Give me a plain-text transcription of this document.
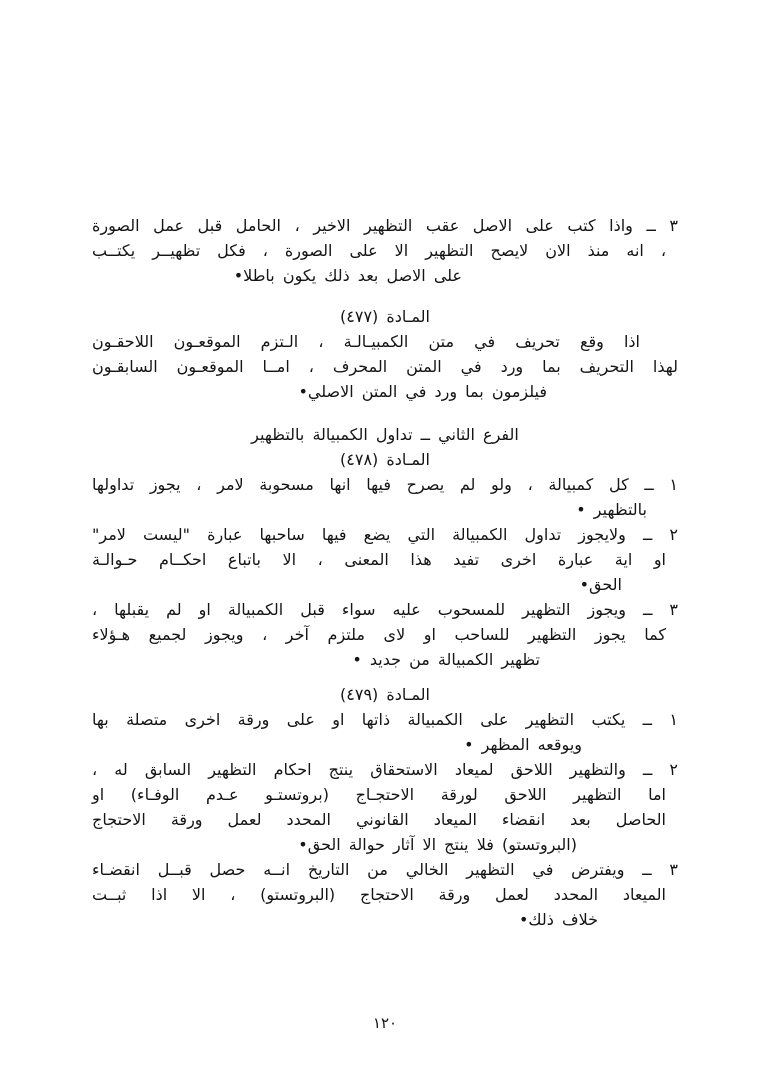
٣ ــ واذا كتب على الاصل عقب التظهير الاخير ، الحامل قبل عمل الصورة
، انه منذ الان لايصح التظهير الا على الصورة ، فكل تظهيــر يكتــب
على الاصل بعد ذلك يكون باطلا•
المـادة (٤٧٧)
اذا وقع تحريف في متن الكمبيـالـة ، الـتزم الموقعـون اللاحقـون
لهذا التحريف بما ورد في المتن المحرف ، امــا الموقعـون السابقـون
فيلزمون بما ورد في المتن الاصلي•
الفرع الثاني ــ تداول الكمبيالة بالتظهير
المـادة (٤٧٨)
١ ــ كل كمبيالة ، ولو لم يصرح فيها انها مسحوبة لامر ، يجوز تداولها
بالتظهير •
٢ ــ ولايجوز تداول الكمبيالة التي يضع فيها ساحبها عبارة "ليست لامر"
او اية عبارة اخرى تفيد هذا المعنى ، الا باتباع احكــام حـوالـة
الحق•
٣ ــ ويجوز التظهير للمسحوب عليه سواء قبل الكمبيالة او لم يقبلها ،
كما يجوز التظهير للساحب او لاى ملتزم آخر ، ويجوز لجميع هـؤلاء
تظهير الكمبيالة من جديد •
المـادة (٤٧٩)
١ ــ يكتب التظهير على الكمبيالة ذاتها او على ورقة اخرى متصلة بها
ويوقعه المظهر •
٢ ــ والتظهير اللاحق لميعاد الاستحقاق ينتج احكام التظهير السابق له ،
اما التظهير اللاحق لورقة الاحتجـاج (بروتستـو عـدم الوفـاء) او
الحاصل بعد انقضاء الميعاد القانوني المحدد لعمل ورقة الاحتجاج
(البروتستو) فلا ينتج الا آثار حوالة الحق•
٣ ــ ويفترض في التظهير الخالي من التاريخ انــه حصل قبــل انقضـاء
الميعاد المحدد لعمل ورقة الاحتجاج (البروتستو) ، الا اذا ثبــت
خلاف ذلك•
١٢٠
